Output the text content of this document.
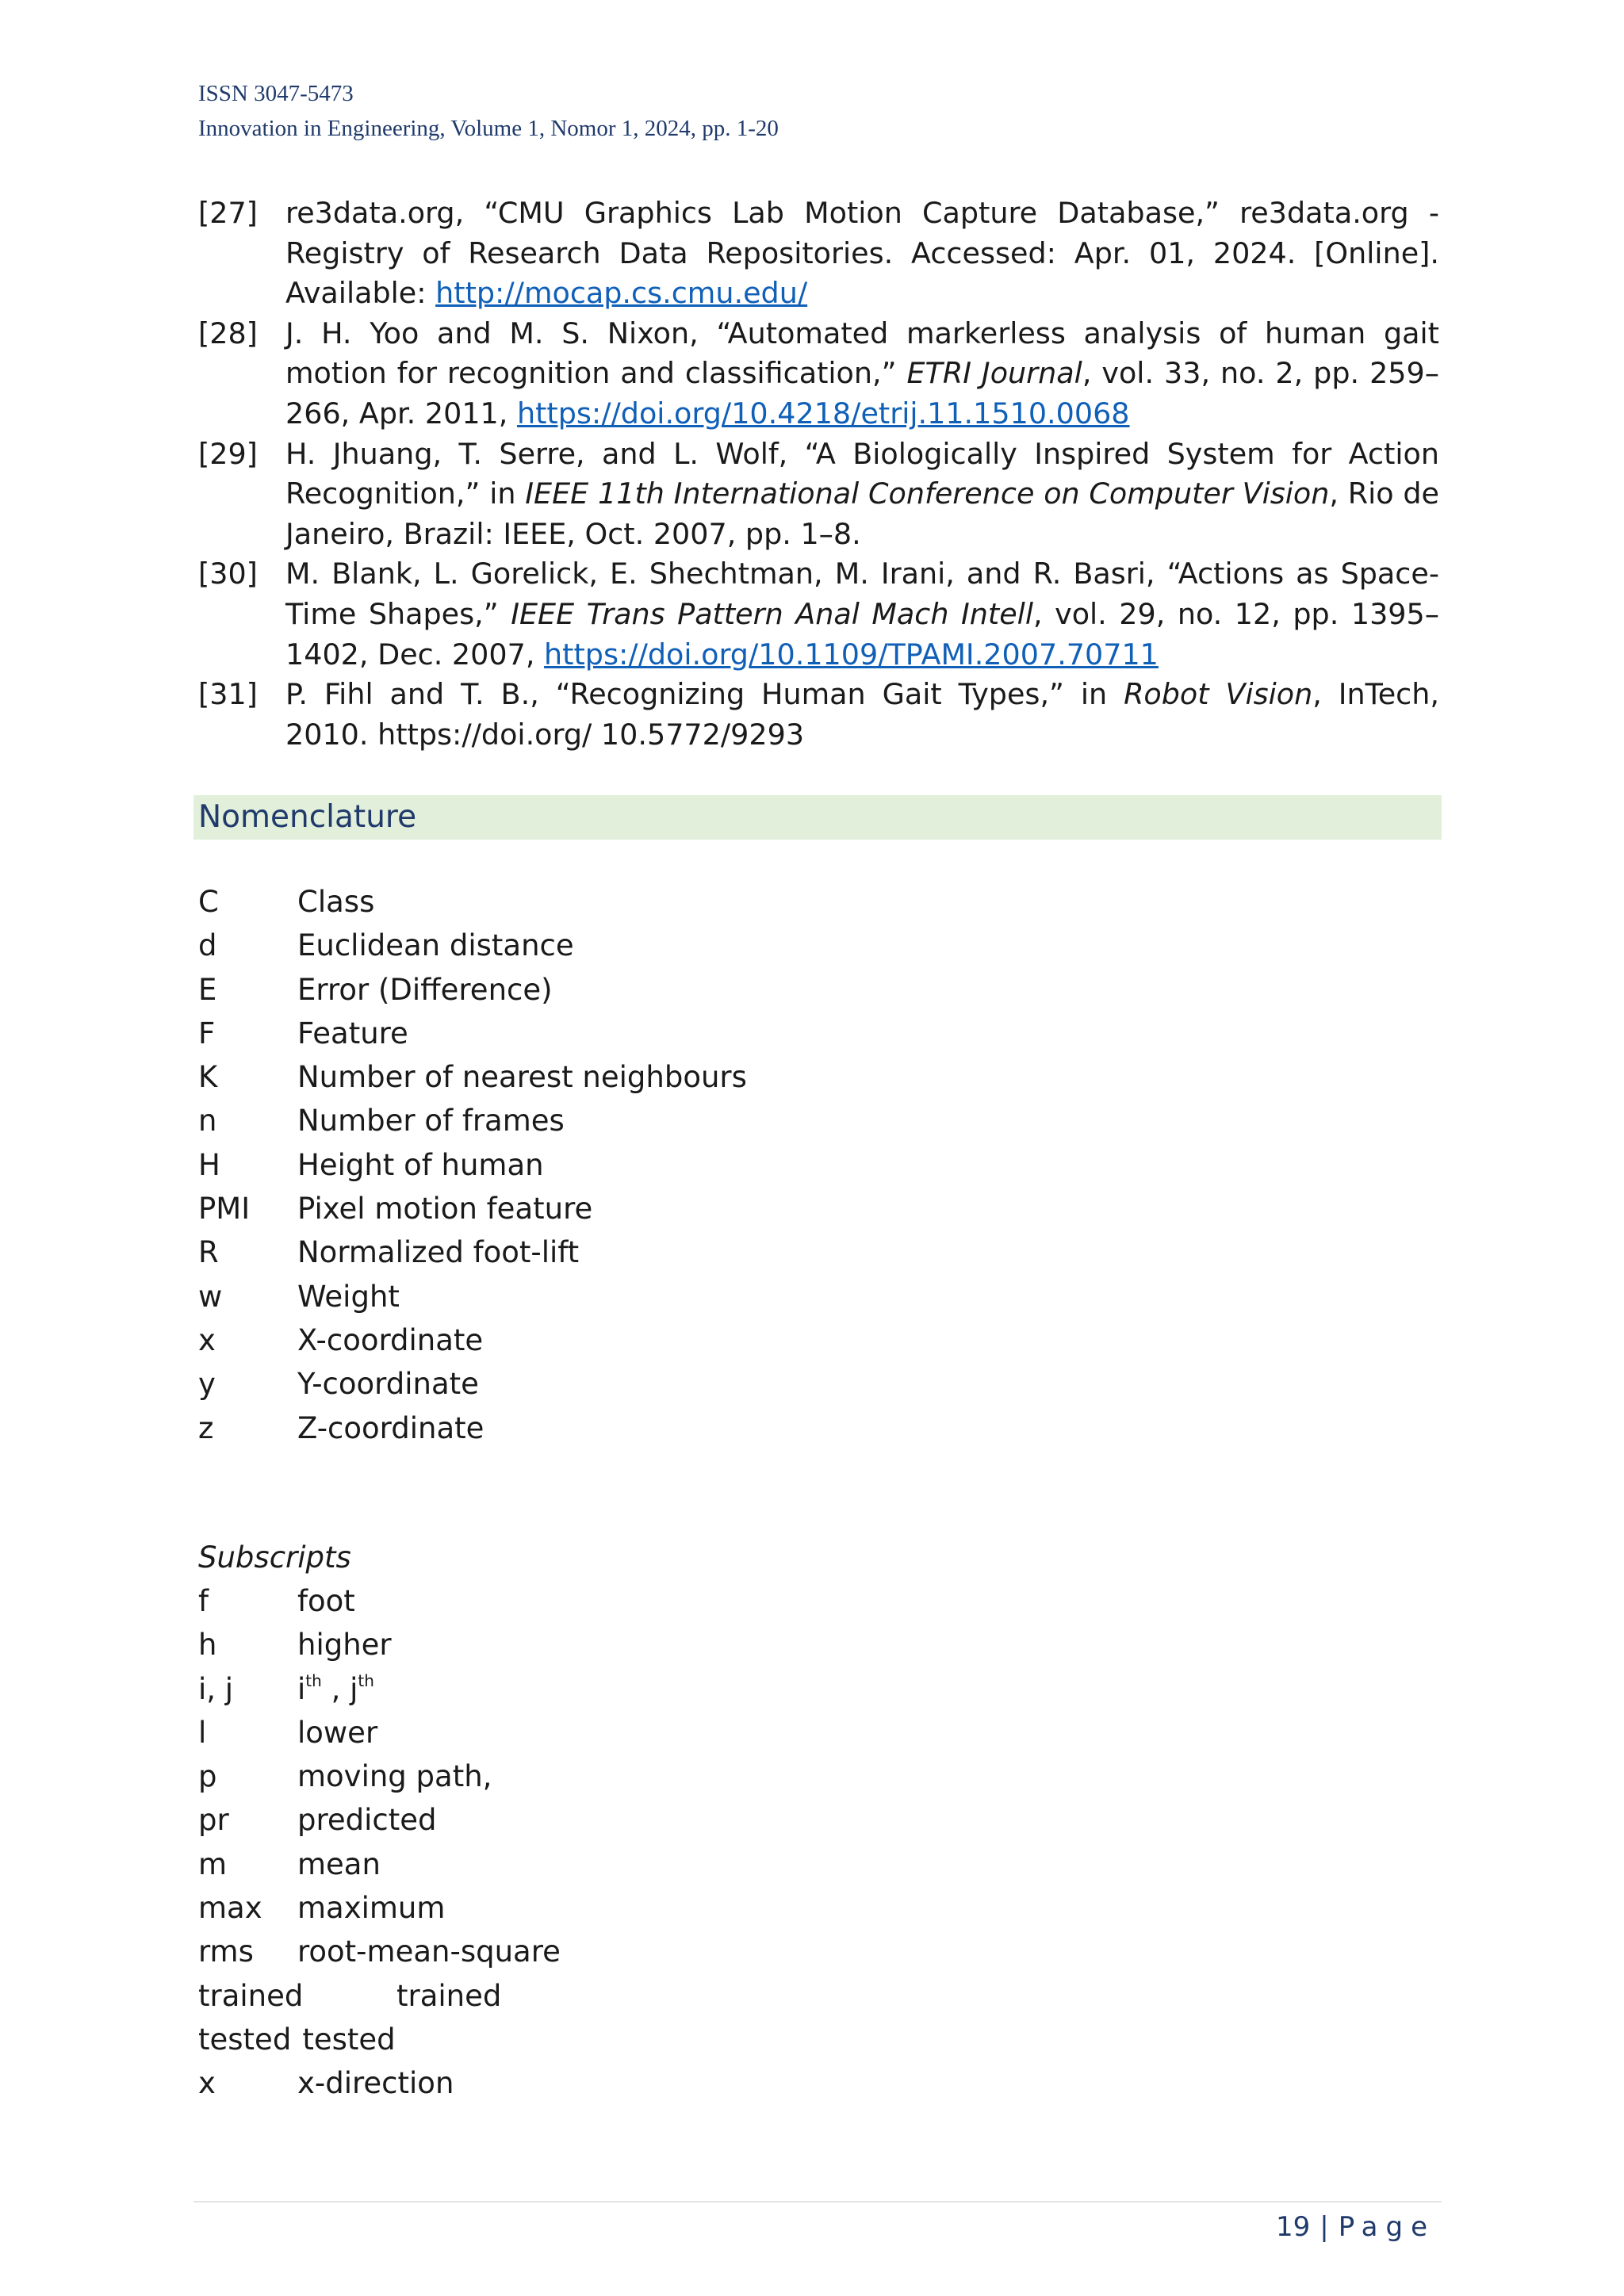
ISSN 3047-5473
Innovation in Engineering, Volume 1, Nomor 1, 2024, pp. 1-20
[27] re3data.org, “CMU Graphics Lab Motion Capture Database,” re3data.org - Registry of Research Data Repositories. Accessed: Apr. 01, 2024. [Online]. Available: http://mocap.cs.cmu.edu/
[28] J. H. Yoo and M. S. Nixon, “Automated markerless analysis of human gait motion for recognition and classification,” ETRI Journal, vol. 33, no. 2, pp. 259–266, Apr. 2011, https://doi.org/10.4218/etrij.11.1510.0068
[29] H. Jhuang, T. Serre, and L. Wolf, “A Biologically Inspired System for Action Recognition,” in IEEE 11th International Conference on Computer Vision, Rio de Janeiro, Brazil: IEEE, Oct. 2007, pp. 1–8.
[30] M. Blank, L. Gorelick, E. Shechtman, M. Irani, and R. Basri, “Actions as Space-Time Shapes,” IEEE Trans Pattern Anal Mach Intell, vol. 29, no. 12, pp. 1395–1402, Dec. 2007, https://doi.org/10.1109/TPAMI.2007.70711
[31] P. Fihl and T. B., “Recognizing Human Gait Types,” in Robot Vision, InTech, 2010. https://doi.org/ 10.5772/9293
Nomenclature
C	Class
d	Euclidean distance
E	Error (Difference)
F	Feature
K	Number of nearest neighbours
n	Number of frames
H	Height of human
PMI	Pixel motion feature
R	Normalized foot-lift
w	Weight
x	X-coordinate
y	Y-coordinate
z	Z-coordinate
Subscripts
f	foot
h	higher
i, j	$i^{th}$ , $j^{th}$
l	lower
p	moving path,
pr	predicted
m	mean
max	maximum
rms	root-mean-square
trained	trained
tested tested
x	x-direction
19 | Page
